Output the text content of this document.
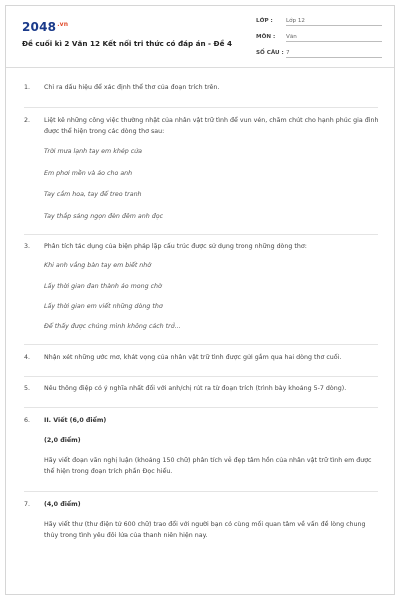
$2048^{.vn}$
Đề cuối kì 2 Văn 12 Kết nối tri thức có đáp án - Đề 4
LỚP : Lớp 12
MÔN : Văn
SỐ CÂU : 7
1. Chỉ ra dấu hiệu để xác định thể thơ của đoạn trích trên.
2. Liệt kê những công việc thường nhật của nhân vật trữ tình để vun vén, chăm chút cho hạnh phúc gia đình được thể hiện trong các dòng thơ sau:
Trời mưa lạnh tay em khép cửa
Em phơi mền và áo cho anh
Tay cắm hoa, tay để treo tranh
Tay thắp sáng ngọn đèn đêm anh đọc
3. Phân tích tác dụng của biện pháp lặp cấu trúc được sử dụng trong những dòng thơ:
Khi anh vắng bàn tay em biết nhớ
Lấy thời gian đan thành áo mong chờ
Lấy thời gian em viết những dòng thơ
Để thấy được chúng mình không cách trở...
4. Nhận xét những ước mơ, khát vọng của nhân vật trữ tình được gửi gắm qua hai dòng thơ cuối.
5. Nêu thông điệp có ý nghĩa nhất đối với anh/chị rút ra từ đoạn trích (trình bày khoảng 5-7 dòng).
6. II. Viết (6,0 điểm)
(2,0 điểm)
Hãy viết đoạn văn nghị luận (khoảng 150 chữ) phân tích vẻ đẹp tâm hồn của nhân vật trữ tình em được thể hiện trong đoạn trích phần Đọc hiểu.
7. (4,0 điểm)
Hãy viết thư (thư điện tử 600 chữ) trao đổi với người bạn có cùng mối quan tâm về vấn đề lòng chung thủy trong tình yêu đôi lứa của thanh niên hiện nay.
